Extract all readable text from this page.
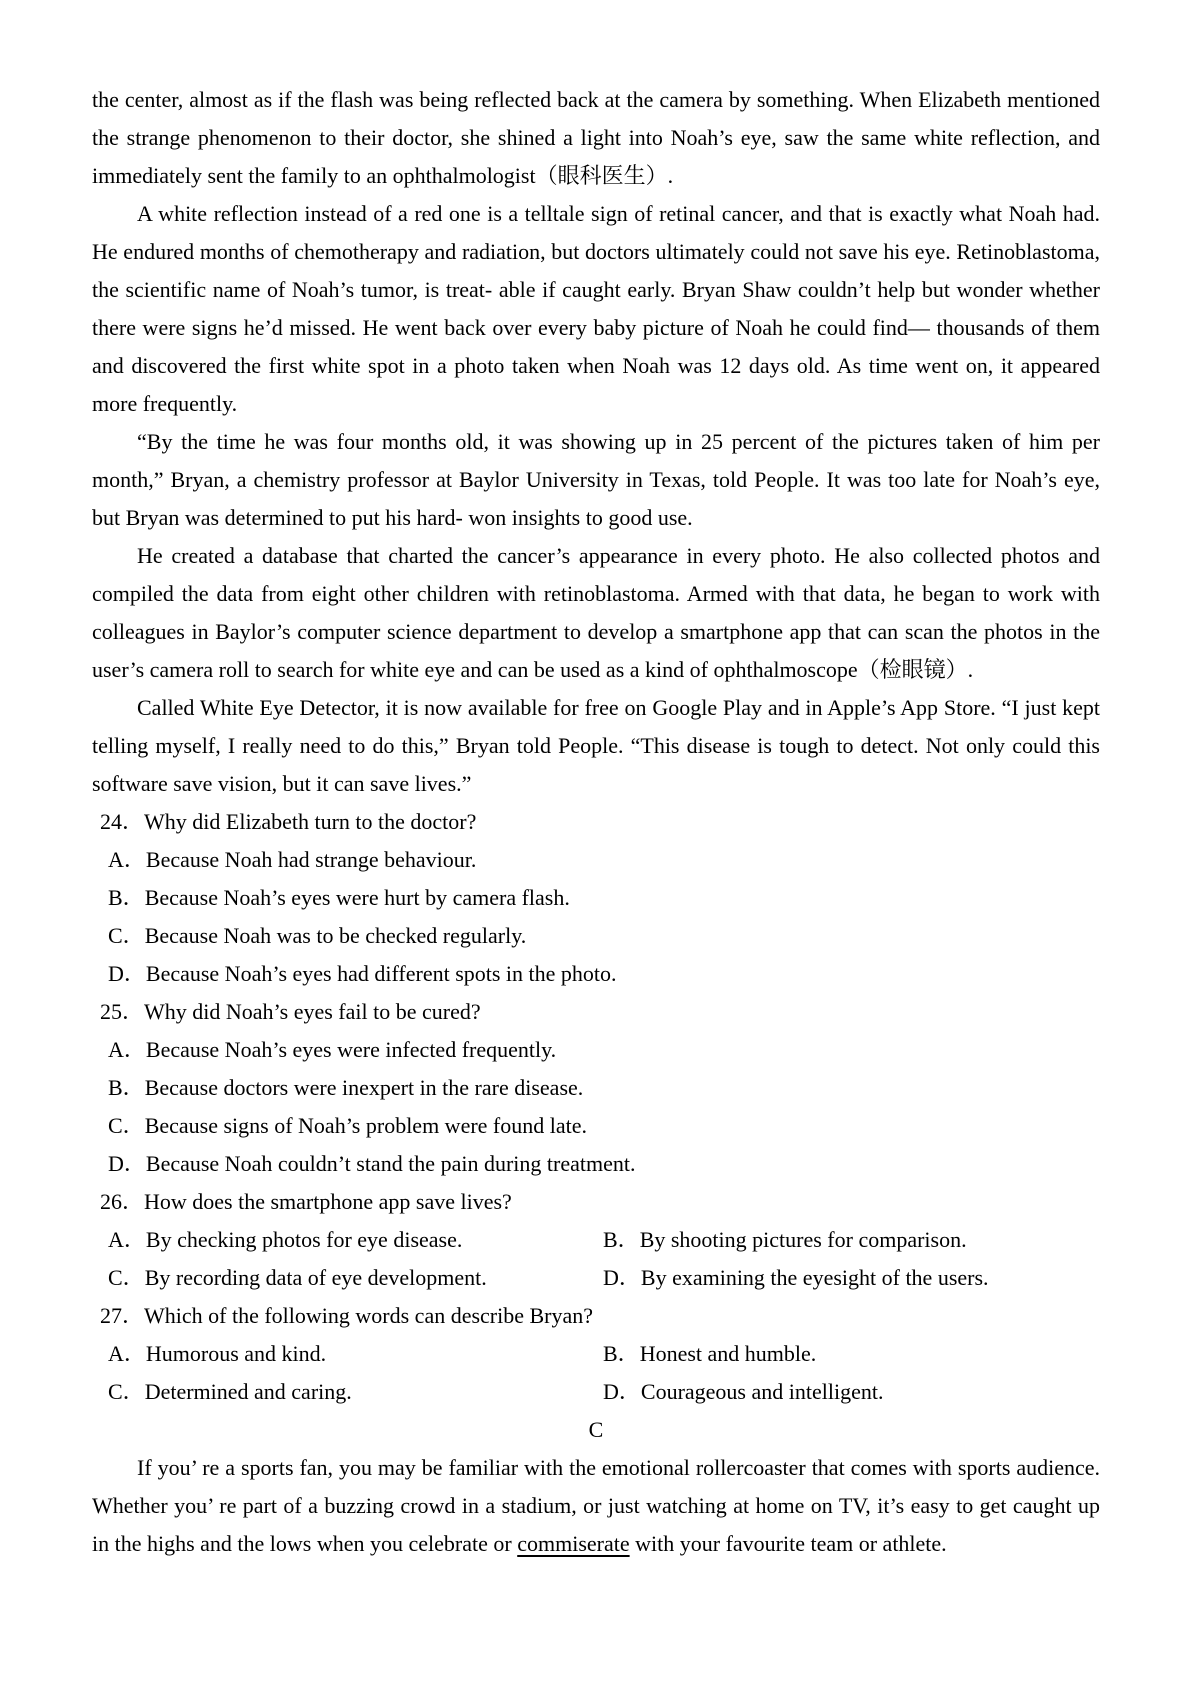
the center, almost as if the flash was being reflected back at the camera by something. When Elizabeth mentioned the strange phenomenon to their doctor, she shined a light into Noah’s eye, saw the same white reflection, and immediately sent the family to an ophthalmologist（眼科医生）.

A white reflection instead of a red one is a telltale sign of retinal cancer, and that is exactly what Noah had. He endured months of chemotherapy and radiation, but doctors ultimately could not save his eye. Retinoblastoma, the scientific name of Noah’s tumor, is treat- able if caught early. Bryan Shaw couldn’t help but wonder whether there were signs he’d missed. He went back over every baby picture of Noah he could find— thousands of them and discovered the first white spot in a photo taken when Noah was 12 days old. As time went on, it appeared more frequently.

“By the time he was four months old, it was showing up in 25 percent of the pictures taken of him per month,” Bryan, a chemistry professor at Baylor University in Texas, told People. It was too late for Noah’s eye, but Bryan was determined to put his hard- won insights to good use.

He created a database that charted the cancer’s appearance in every photo. He also collected photos and compiled the data from eight other children with retinoblastoma. Armed with that data, he began to work with colleagues in Baylor’s computer science department to develop a smartphone app that can scan the photos in the user’s camera roll to search for white eye and can be used as a kind of ophthalmoscope（检眼镜）.

Called White Eye Detector, it is now available for free on Google Play and in Apple’s App Store. “I just kept telling myself, I really need to do this,” Bryan told People. “This disease is tough to detect. Not only could this software save vision, but it can save lives.”

24．Why did Elizabeth turn to the doctor?
A．Because Noah had strange behaviour.
B．Because Noah’s eyes were hurt by camera flash.
C．Because Noah was to be checked regularly.
D．Because Noah’s eyes had different spots in the photo.
25．Why did Noah’s eyes fail to be cured?
A．Because Noah’s eyes were infected frequently.
B．Because doctors were inexpert in the rare disease.
C．Because signs of Noah’s problem were found late.
D．Because Noah couldn’t stand the pain during treatment.
26．How does the smartphone app save lives?
A．By checking photos for eye disease.	B．By shooting pictures for comparison.
C．By recording data of eye development.	D．By examining the eyesight of the users.
27．Which of the following words can describe Bryan?
A．Humorous and kind.	B．Honest and humble.
C．Determined and caring.	D．Courageous and intelligent.
C

If you’ re a sports fan, you may be familiar with the emotional rollercoaster that comes with sports audience. Whether you’ re part of a buzzing crowd in a stadium, or just watching at home on TV, it’s easy to get caught up in the highs and the lows when you celebrate or commiserate with your favourite team or athlete.
